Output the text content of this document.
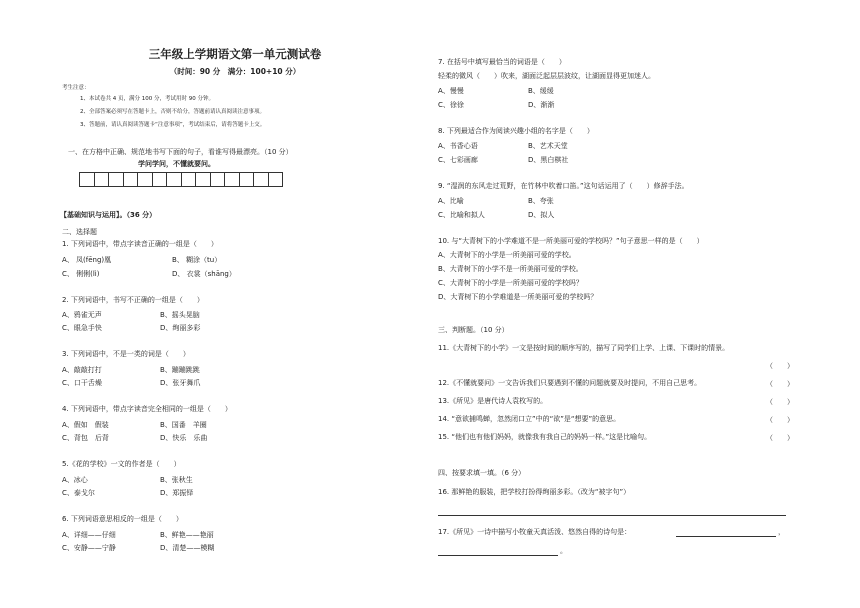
三年级上学期语文第一单元测试卷
（时间：90 分　满分：100+10 分）
考生注意：
1、本试卷共 4 页，满分 100 分，考试用时 90 分钟。
2、全部答案必须写在答题卡上，否则不给分，答题前请认真阅读注意事项。
3、答题前，请认真阅读答题卡“注意事项”，考试结束后，请将答题卡上交。
一、在方格中正确、规范地书写下面的句子，看谁写得最漂亮。（10 分）
学问学问，不懂就要问。
【基础知识与运用】。（36 分）
二、选择题
1. 下列词语中，带点字读音正确的一组是（　　）
A、 凤(fēng)凰	B、 糊涂（tu）
C、 俐俐(lì)	D、 衣裳（shāng）
2. 下列词语中，书写不正确的一组是（　　）
A、鸦雀无声	B、摇头晃脑
C、眼急手快	D、绚丽多彩
3. 下列词语中，不是一类的词是（　　）
A、敲敲打打	B、蹦蹦跳跳
C、口干舌燥	D、张牙舞爪
4. 下列词语中，带点字读音完全相同的一组是（　　）
A、假如　假装	B、国番　羊圈
C、背包　后背	D、快乐　乐曲
5.《花的学校》一文的作者是（　　）
A、冰心	B、张秋生
C、泰戈尔	D、郑振铎
6. 下列词语意思相反的一组是（　　）
A、详细——仔细	B、鲜艳——艳丽
C、安静——宁静	D、清楚——模糊
7. 在括号中填写最恰当的词语是（　　）
轻柔的微风（　　）吹来，湖面泛起层层波纹，让湖面显得更加迷人。
A、慢慢	B、缓缓
C、徐徐	D、渐渐
8. 下列最适合作为阅读兴趣小组的名字是（　　）
A、书香心语	B、艺术天堂
C、七彩画廊	D、黑白棋社
9. “湿润的东风走过荒野，在竹林中吹着口笛。”这句话运用了（　　）修辞手法。
A、比喻	B、夸张
C、比喻和拟人	D、拟人
10. 与“大青树下的小学难道不是一所美丽可爱的学校吗？”句子意思一样的是（　　）
A、大青树下的小学是一所美丽可爱的学校。
B、大青树下的小学不是一所美丽可爱的学校。
C、大青树下的小学是一所美丽可爱的学校吗？
D、大青树下的小学难道是一所美丽可爱的学校吗？
三、判断题。（10 分）
11.《大青树下的小学》一文是按时间的顺序写的，描写了同学们上学、上课、下课时的情景。
（　　）
12.《不懂就要问》一文告诉我们只要遇到不懂的问题就要及时提问，不用自己思考。	（　　）
13.《所见》是唐代诗人袁枚写的。	（　　）
14. “意欲捕鸣蝉，忽然闭口立”中的“欲”是“想要”的意思。	（　　）
15. “他们也有他们妈妈，就像我有我自己的妈妈一样。”这是比喻句。	（　　）
四、按要求填一填。（6 分）
16. 那鲜艳的服装，把学校打扮得绚丽多彩。（改为“被字句”）
17.《所见》一诗中描写小牧童天真活泼、悠然自得的诗句是：	，
。
